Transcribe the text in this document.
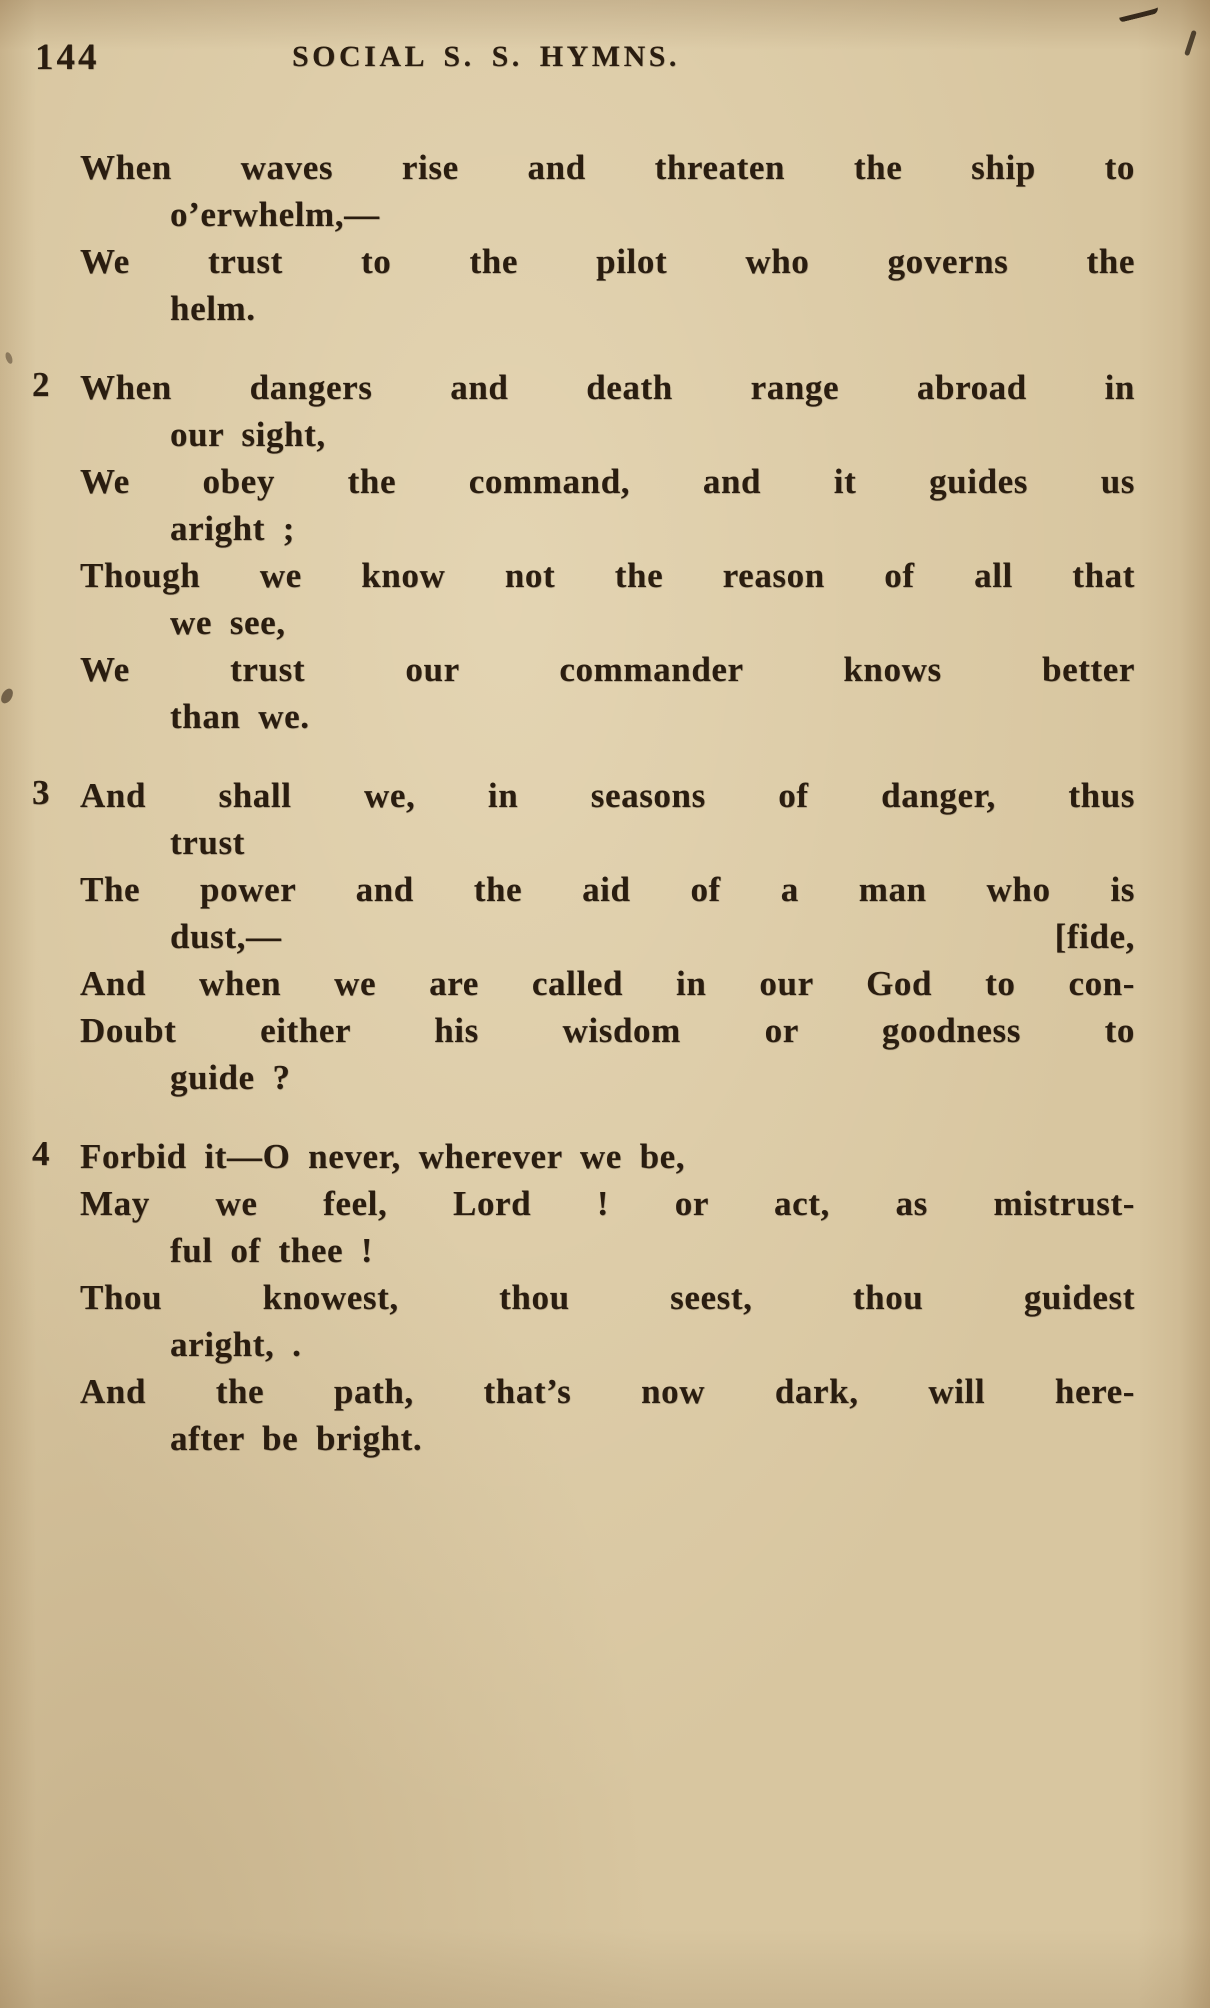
144	SOCIAL S. S. HYMNS.
When waves rise and threaten the ship to
o’erwhelm,—
We trust to the pilot who governs the
helm.
2 When dangers and death range abroad in
our sight,
We obey the command, and it guides us
aright ;
Though we know not the reason of all that
we see,
We trust our commander knows better
than we.
3 And shall we, in seasons of danger, thus
trust
The power and the aid of a man who is
dust,—	[fide,
And when we are called in our God to con-
Doubt either his wisdom or goodness to
guide ?
4 Forbid it—O never, wherever we be,
May we feel, Lord ! or act, as mistrust-
ful of thee !
Thou knowest, thou seest, thou guidest
aright, .
And the path, that’s now dark, will here-
after be bright.
